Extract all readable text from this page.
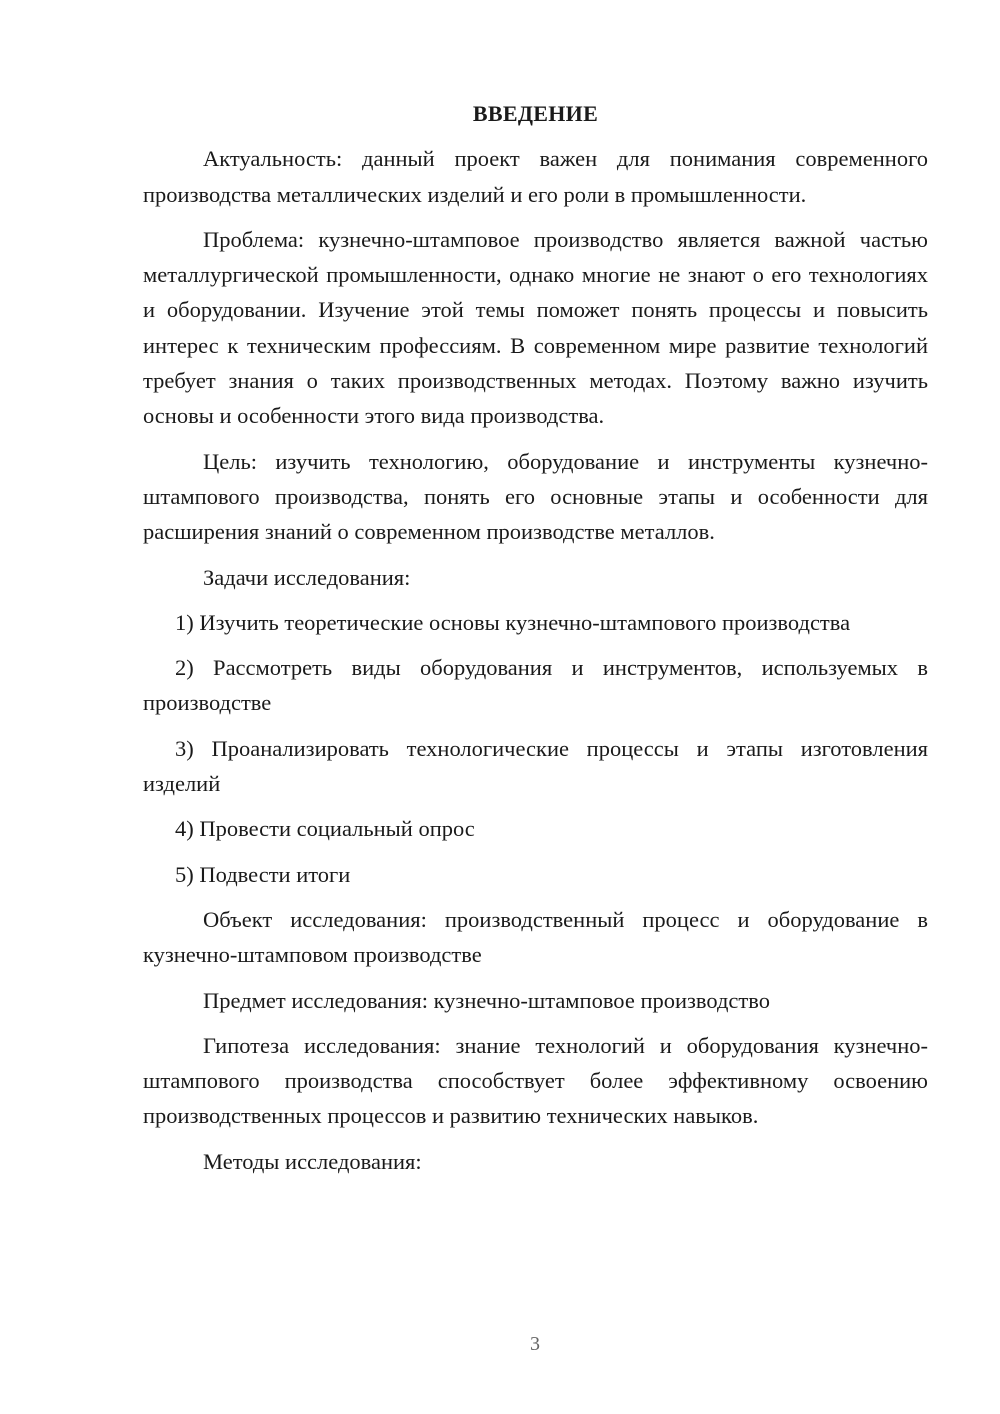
ВВЕДЕНИЕ

Актуальность: данный проект важен для понимания современного производства металлических изделий и его роли в промышленности.

Проблема: кузнечно-штамповое производство является важной частью металлургической промышленности, однако многие не знают о его технологиях и оборудовании. Изучение этой темы поможет понять процессы и повысить интерес к техническим профессиям. В современном мире развитие технологий требует знания о таких производственных методах. Поэтому важно изучить основы и особенности этого вида производства.

Цель: изучить технологию, оборудование и инструменты кузнечно-штампового производства, понять его основные этапы и особенности для расширения знаний о современном производстве металлов.

Задачи исследования:

1) Изучить теоретические основы кузнечно-штампового производства

2) Рассмотреть виды оборудования и инструментов, используемых в производстве

3) Проанализировать технологические процессы и этапы изготовления изделий

4) Провести социальный опрос

5) Подвести итоги

Объект исследования: производственный процесс и оборудование в кузнечно-штамповом производстве

Предмет исследования: кузнечно-штамповое производство

Гипотеза исследования: знание технологий и оборудования кузнечно-штампового производства способствует более эффективному освоению производственных процессов и развитию технических навыков.

Методы исследования:

3
